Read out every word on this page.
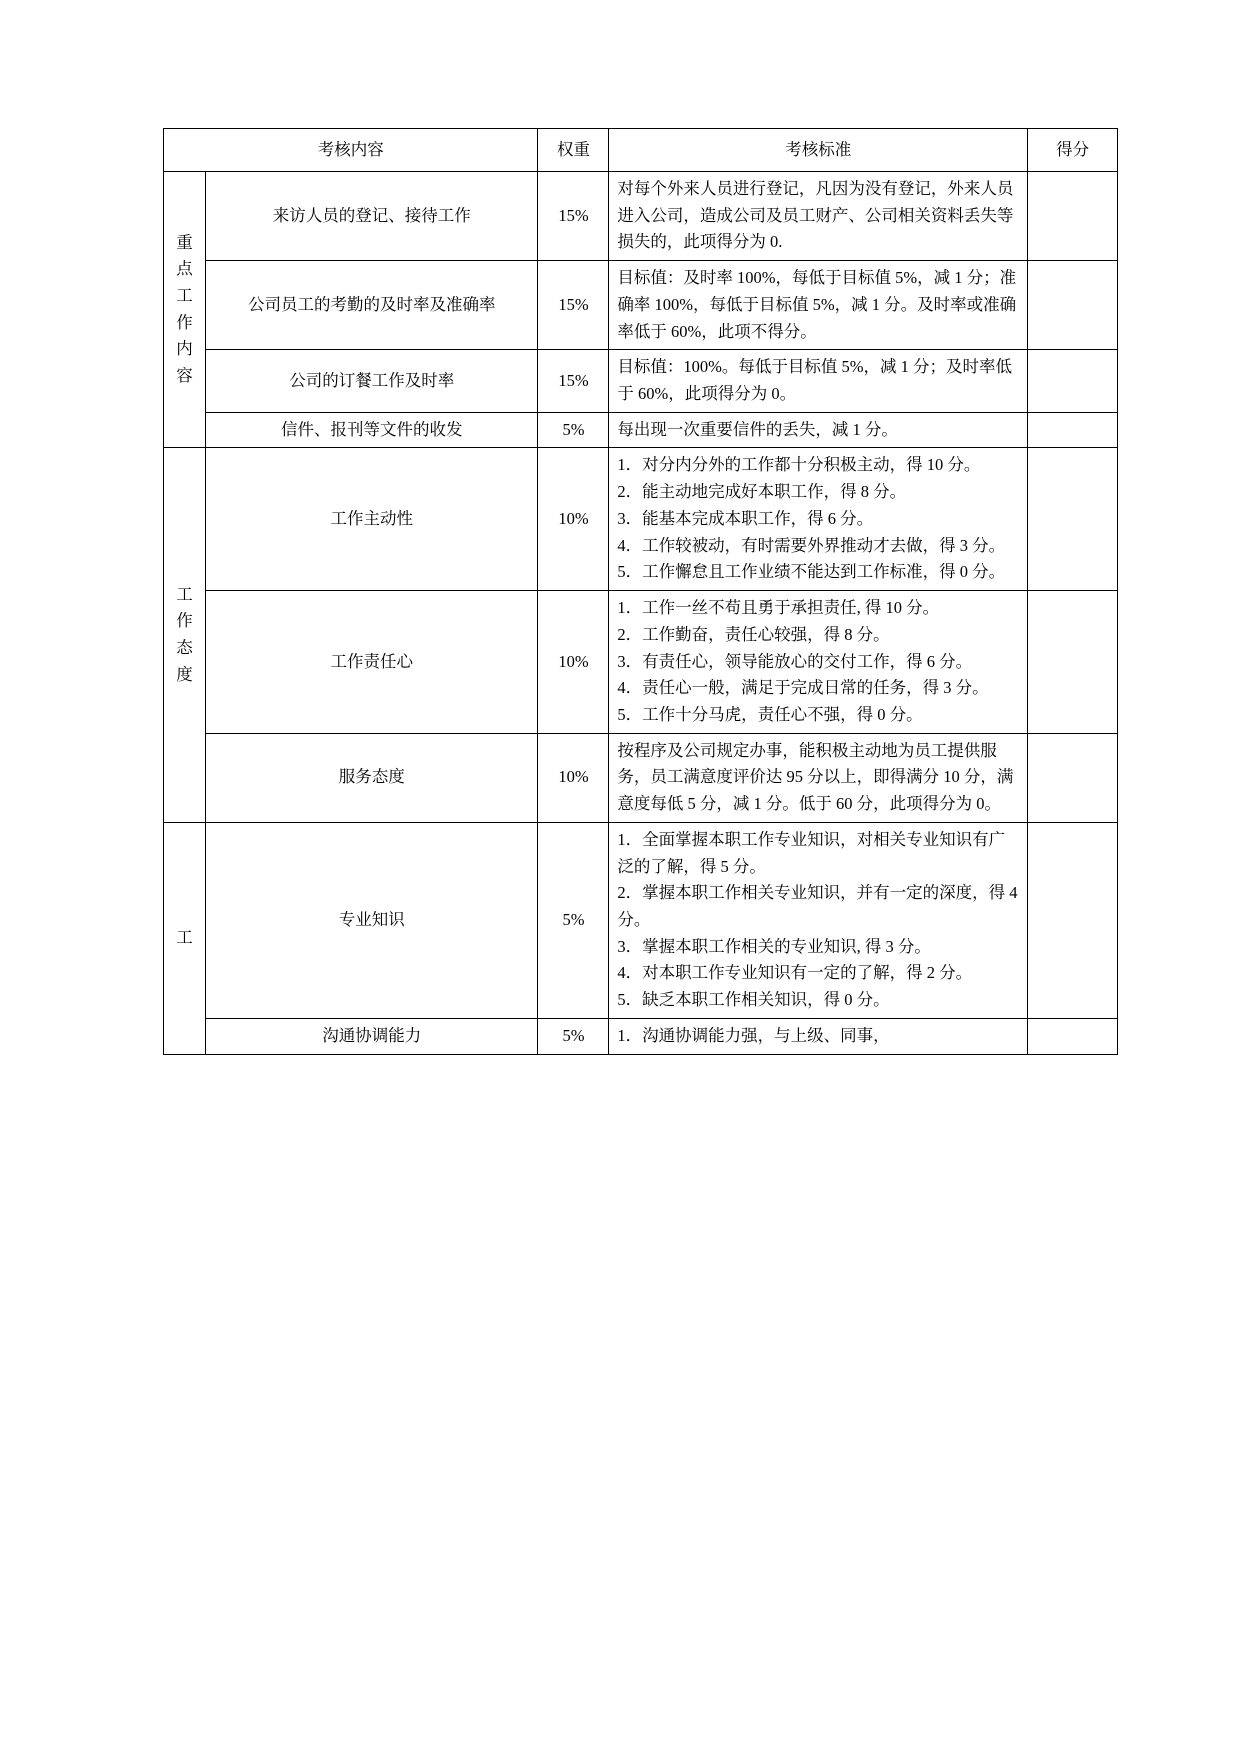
考核内容		权重	考核标准	得分

重点工作内容	来访人员的登记、接待工作	15%	对每个外来人员进行登记，凡因为没有登记，外来人员进入公司，造成公司及员工财产、公司相关资料丢失等损失的，此项得分为 0.	

	公司员工的考勤的及时率及准确率	15%	目标值：及时率 100%，每低于目标值 5%，减 1 分；准确率 100%，每低于目标值 5%，减 1 分。及时率或准确率低于 60%，此项不得分。	

	公司的订餐工作及时率	15%	目标值：100%。每低于目标值 5%，减 1 分；及时率低于 60%，此项得分为 0。	

	信件、报刊等文件的收发	5%	每出现一次重要信件的丢失，减 1 分。	

工作态度	工作主动性	10%	1．对分内分外的工作都十分积极主动，得 10 分。
2．能主动地完成好本职工作，得 8 分。
3．能基本完成本职工作，得 6 分。
4．工作较被动，有时需要外界推动才去做，得 3 分。
5．工作懈怠且工作业绩不能达到工作标准，得 0 分。	

	工作责任心	10%	1．工作一丝不苟且勇于承担责任, 得 10 分。
2．工作勤奋，责任心较强，得 8 分。
3．有责任心，领导能放心的交付工作，得 6 分。
4．责任心一般，满足于完成日常的任务，得 3 分。
5．工作十分马虎，责任心不强，得 0 分。	

	服务态度	10%	按程序及公司规定办事，能积极主动地为员工提供服务，员工满意度评价达 95 分以上，即得满分 10 分，满意度每低 5 分，减 1 分。低于 60 分，此项得分为 0。	

工	专业知识	5%	1．全面掌握本职工作专业知识，对相关专业知识有广泛的了解，得 5 分。
2．掌握本职工作相关专业知识，并有一定的深度，得 4 分。
3．掌握本职工作相关的专业知识, 得 3 分。
4．对本职工作专业知识有一定的了解，得 2 分。
5．缺乏本职工作相关知识，得 0 分。	

	沟通协调能力	5%	1．沟通协调能力强，与上级、同事，	
